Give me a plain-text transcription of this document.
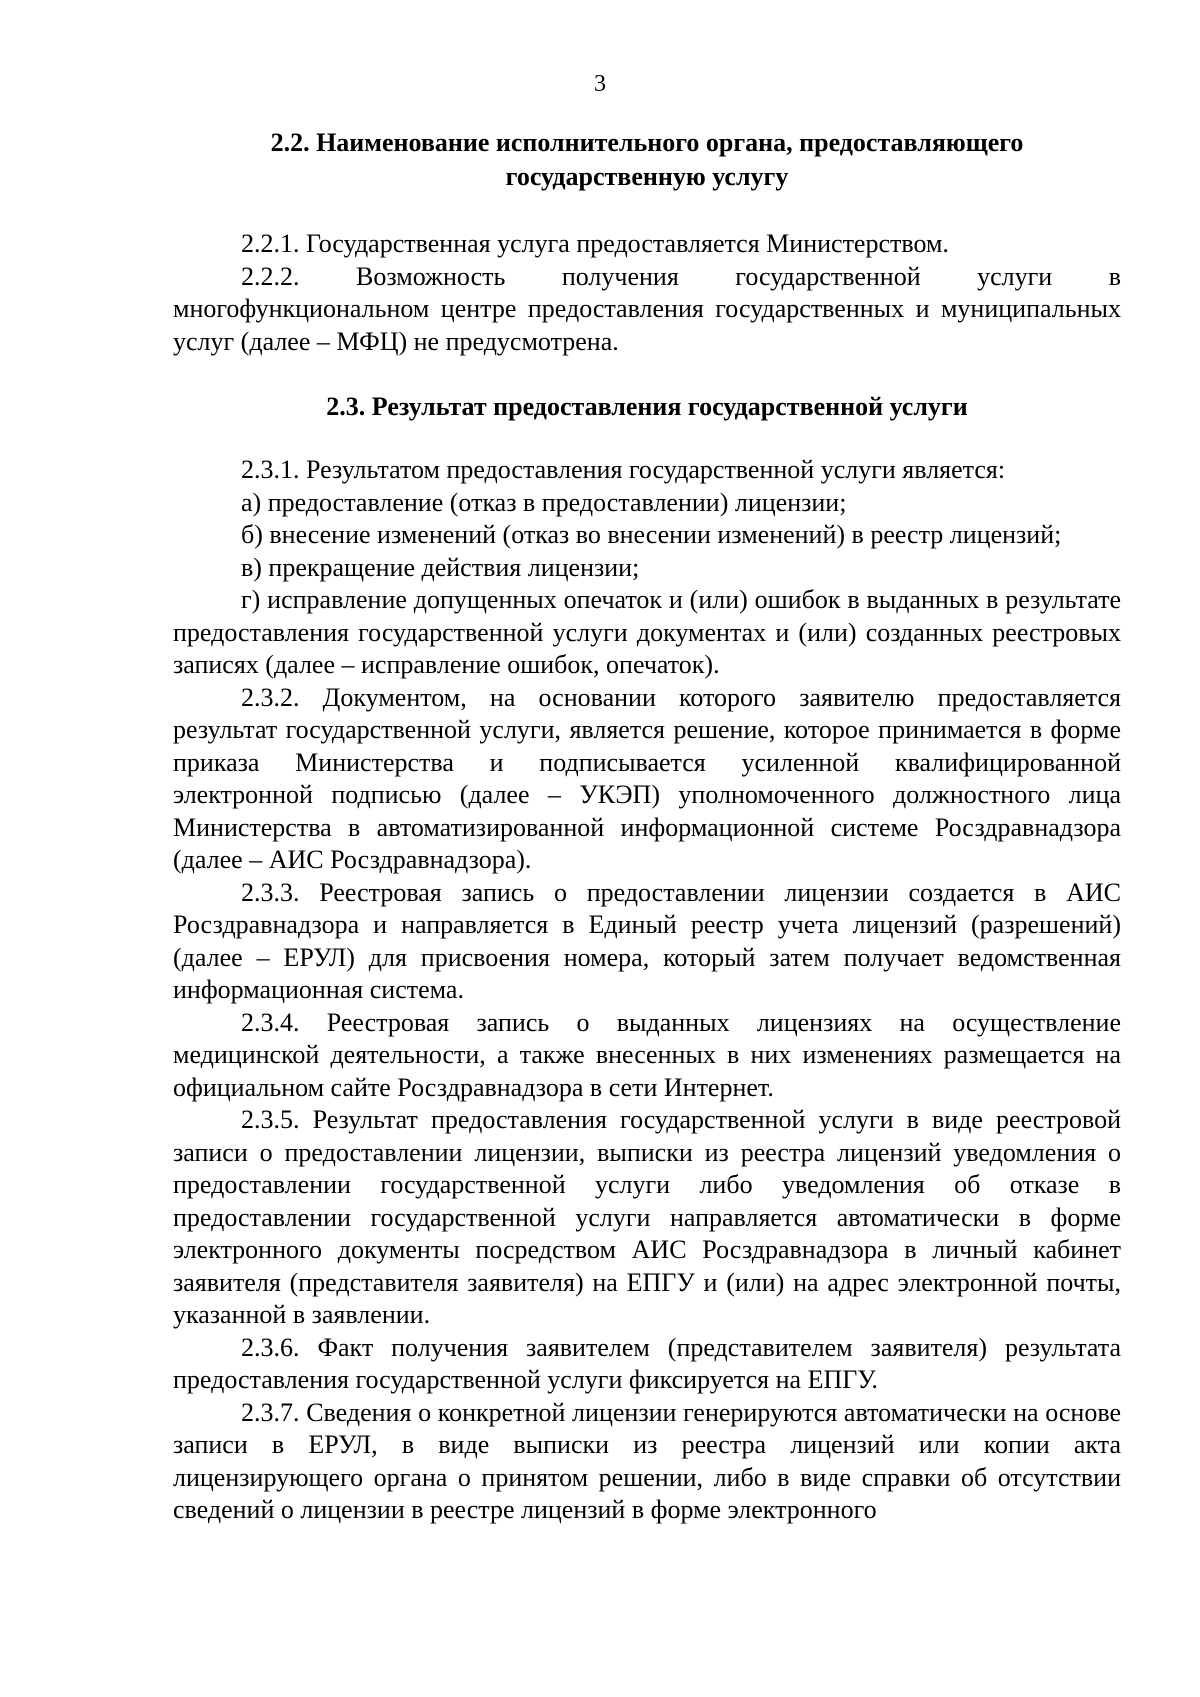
3

2.2. Наименование исполнительного органа, предоставляющего государственную услугу

2.2.1. Государственная услуга предоставляется Министерством.

2.2.2. Возможность получения государственной услуги в многофункциональном центре предоставления государственных и муниципальных услуг (далее – МФЦ) не предусмотрена.

2.3. Результат предоставления государственной услуги

2.3.1. Результатом предоставления государственной услуги является:

а) предоставление (отказ в предоставлении) лицензии;

б) внесение изменений (отказ во внесении изменений) в реестр лицензий;

в) прекращение действия лицензии;

г) исправление допущенных опечаток и (или) ошибок в выданных в результате предоставления государственной услуги документах и (или) созданных реестровых записях (далее – исправление ошибок, опечаток).

2.3.2. Документом, на основании которого заявителю предоставляется результат государственной услуги, является решение, которое принимается в форме приказа Министерства и подписывается усиленной квалифицированной электронной подписью (далее – УКЭП) уполномоченного должностного лица Министерства в автоматизированной информационной системе Росздравнадзора (далее – АИС Росздравнадзора).

2.3.3. Реестровая запись о предоставлении лицензии создается в АИС Росздравнадзора и направляется в Единый реестр учета лицензий (разрешений) (далее – ЕРУЛ) для присвоения номера, который затем получает ведомственная информационная система.

2.3.4. Реестровая запись о выданных лицензиях на осуществление медицинской деятельности, а также внесенных в них изменениях размещается на официальном сайте Росздравнадзора в сети Интернет.

2.3.5. Результат предоставления государственной услуги в виде реестровой записи о предоставлении лицензии, выписки из реестра лицензий уведомления о предоставлении государственной услуги либо уведомления об отказе в предоставлении государственной услуги направляется автоматически в форме электронного документы посредством АИС Росздравнадзора в личный кабинет заявителя (представителя заявителя) на ЕПГУ и (или) на адрес электронной почты, указанной в заявлении.

2.3.6. Факт получения заявителем (представителем заявителя) результата предоставления государственной услуги фиксируется на ЕПГУ.

2.3.7. Сведения о конкретной лицензии генерируются автоматически на основе записи в ЕРУЛ, в виде выписки из реестра лицензий или копии акта лицензирующего органа о принятом решении, либо в виде справки об отсутствии сведений о лицензии в реестре лицензий в форме электронного
